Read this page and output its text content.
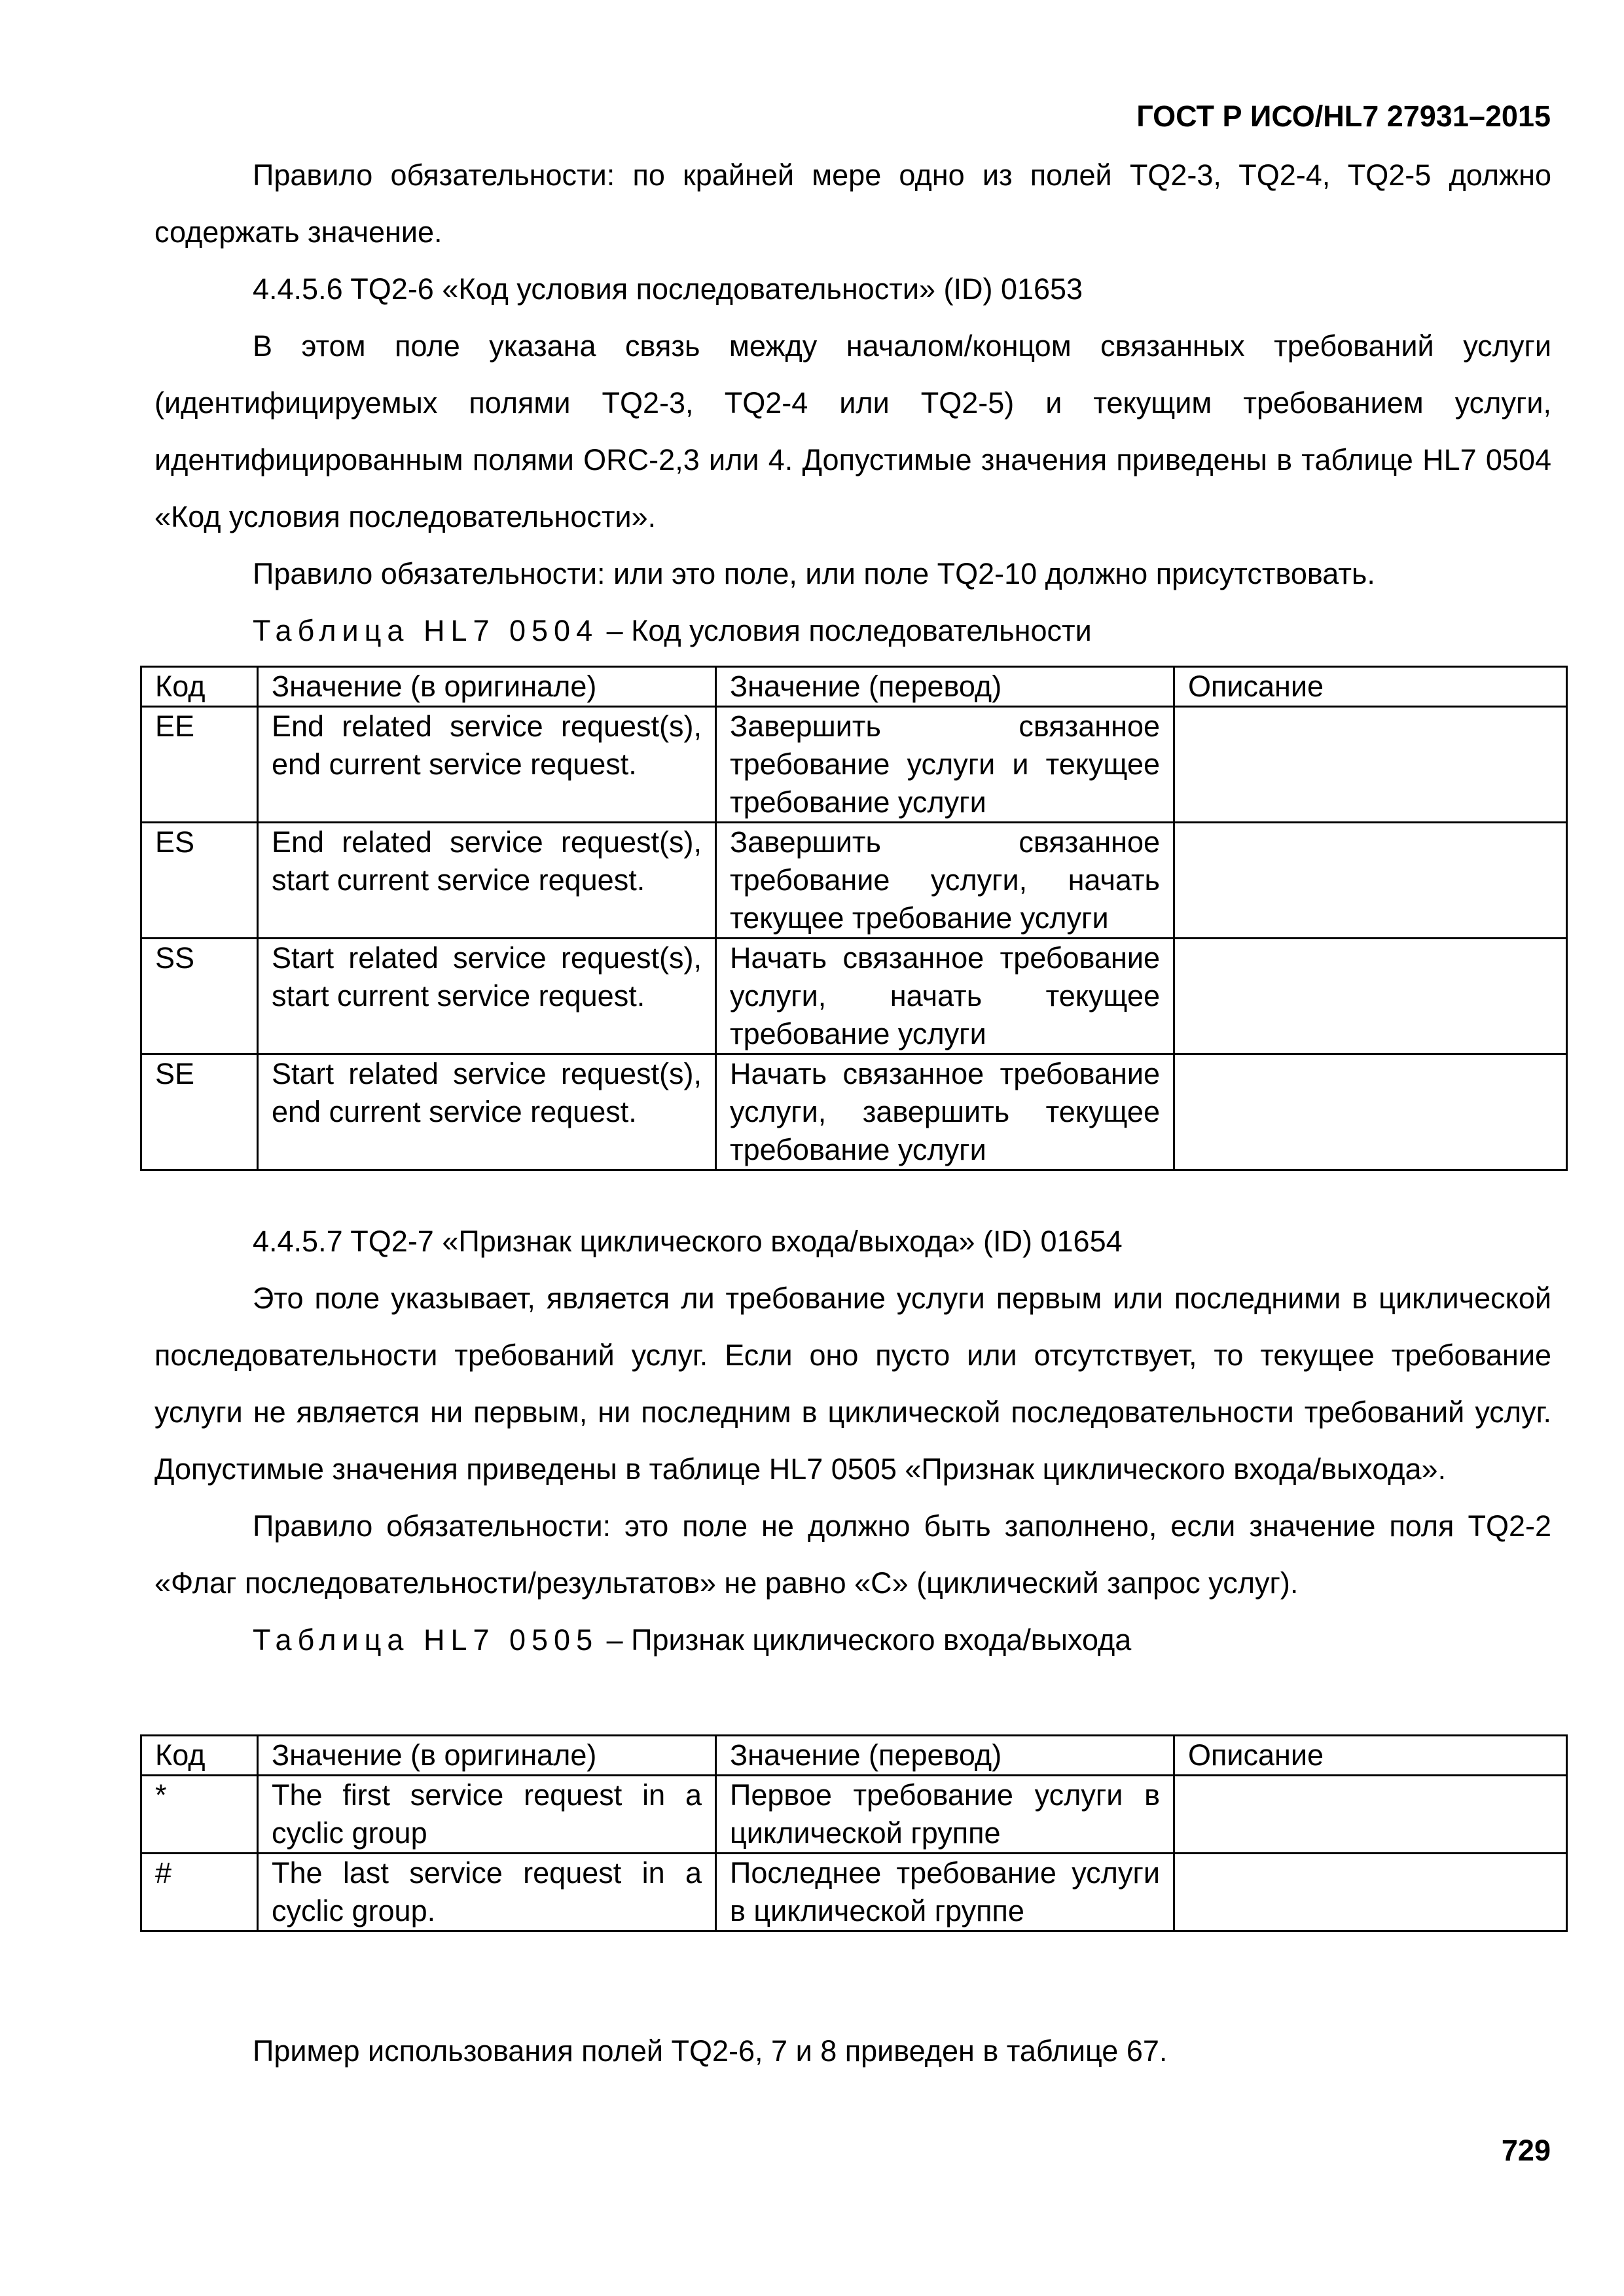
ГОСТ Р ИСО/HL7 27931–2015

Правило обязательности: по крайней мере одно из полей TQ2-3, TQ2-4, TQ2-5 должно содержать значение.

4.4.5.6 TQ2-6 «Код условия последовательности» (ID) 01653

В этом поле указана связь между началом/концом связанных требований услуги (идентифицируемых полями TQ2-3, TQ2-4 или TQ2-5) и текущим требованием услуги, идентифицированным полями ORC-2,3 или 4. Допустимые значения приведены в таблице HL7 0504 «Код условия последовательности».

Правило обязательности: или это поле, или поле TQ2-10 должно присутствовать.

Таблица HL7 0504 – Код условия последовательности

Код	Значение (в оригинале)	Значение (перевод)	Описание
EE	End related service request(s), end current service request.	Завершить связанное требование услуги и текущее требование услуги	
ES	End related service request(s), start current service request.	Завершить связанное требование услуги, начать текущее требование услуги	
SS	Start related service request(s), start current service request.	Начать связанное требование услуги, начать текущее требование услуги	
SE	Start related service request(s), end current service request.	Начать связанное требование услуги, завершить текущее требование услуги	

4.4.5.7 TQ2-7 «Признак циклического входа/выхода» (ID) 01654

Это поле указывает, является ли требование услуги первым или последними в циклической последовательности требований услуг. Если оно пусто или отсутствует, то текущее требование услуги не является ни первым, ни последним в циклической последовательности требований услуг. Допустимые значения приведены в таблице HL7 0505 «Признак циклического входа/выхода».

Правило обязательности: это поле не должно быть заполнено, если значение поля TQ2-2 «Флаг последовательности/результатов» не равно «С» (циклический запрос услуг).

Таблица HL7 0505 – Признак циклического входа/выхода

Код	Значение (в оригинале)	Значение (перевод)	Описание
*	The first service request in a cyclic group	Первое требование услуги в циклической группе	
#	The last service request in a cyclic group.	Последнее требование услуги в циклической группе	

Пример использования полей TQ2-6, 7 и 8 приведен в таблице 67.

729
